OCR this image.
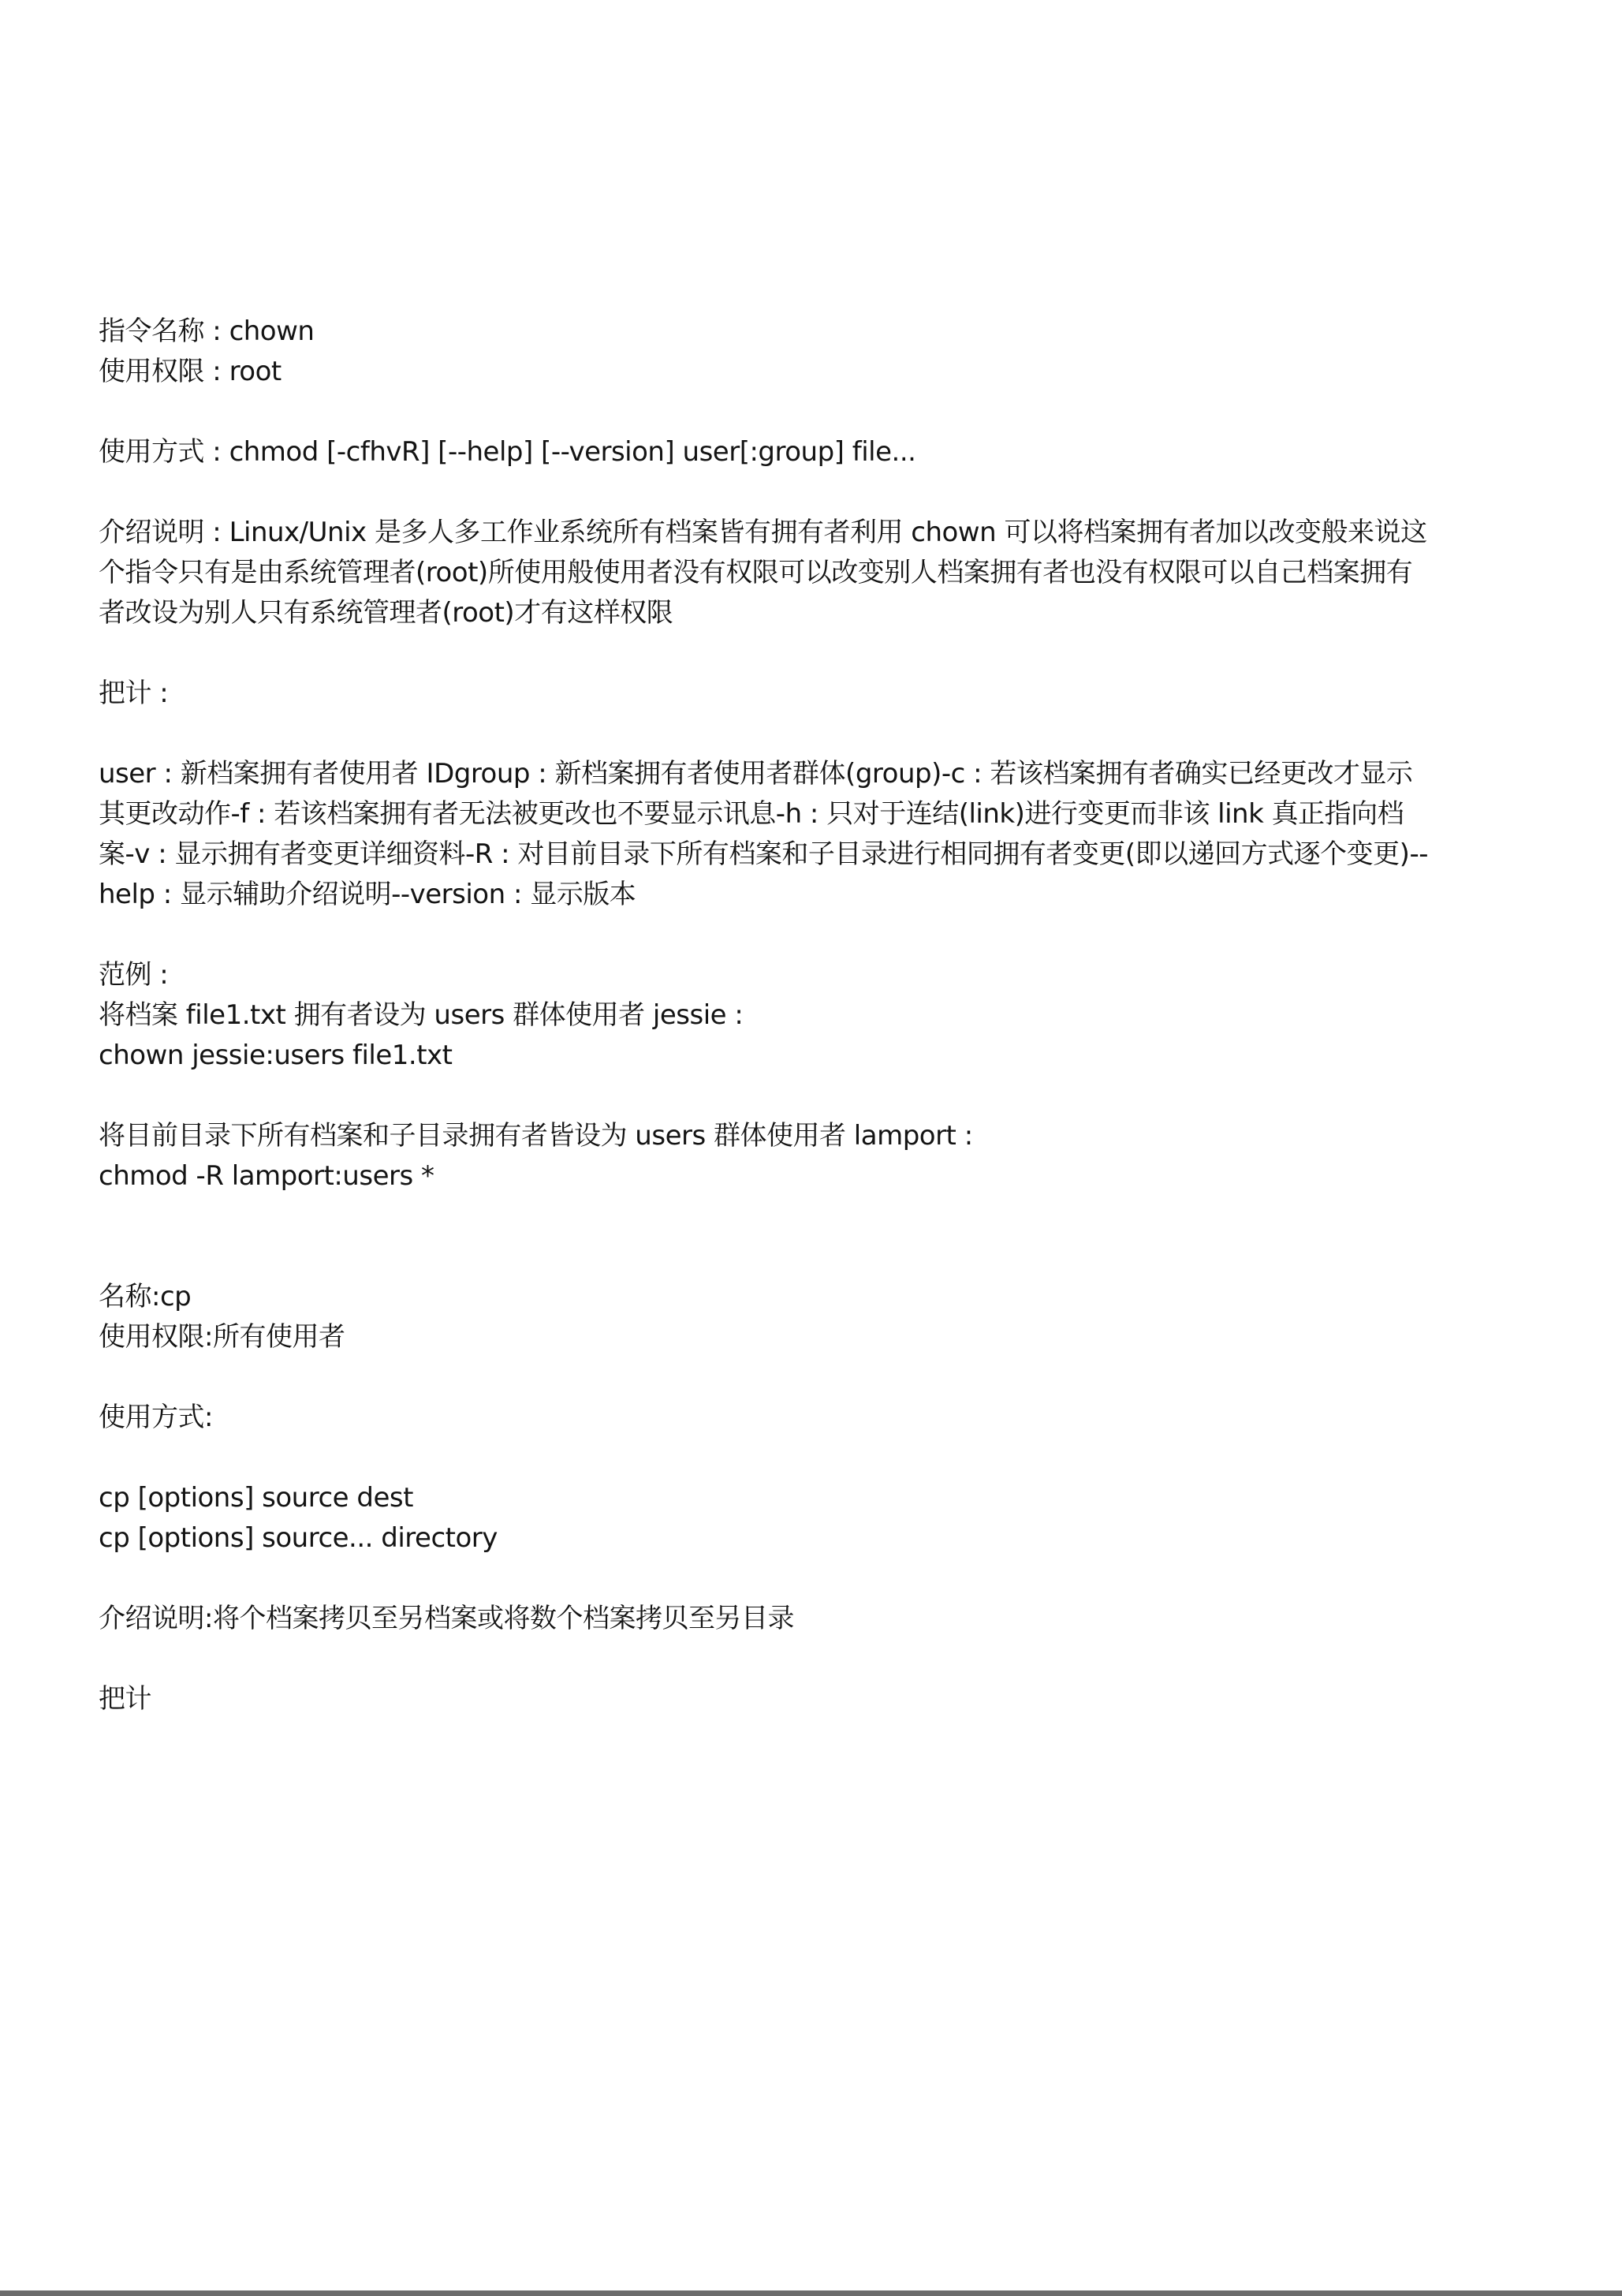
指令名称 : chown
使用权限 : root
使用方式 : chmod [-cfhvR] [--help] [--version] user[:group] file...
介绍说明 : Linux/Unix 是多人多工作业系统所有档案皆有拥有者利用 chown 可以将档案拥有者加以改变般来说这个指令只有是由系统管理者(root)所使用般使用者没有权限可以改变别人档案拥有者也没有权限可以自己档案拥有者改设为别人只有系统管理者(root)才有这样权限
把计 :
user : 新档案拥有者使用者 IDgroup : 新档案拥有者使用者群体(group)-c : 若该档案拥有者确实已经更改才显示其更改动作-f : 若该档案拥有者无法被更改也不要显示讯息-h : 只对于连结(link)进行变更而非该 link 真正指向档案-v : 显示拥有者变更详细资料-R : 对目前目录下所有档案和子目录进行相同拥有者变更(即以递回方式逐个变更)--help : 显示辅助介绍说明--version : 显示版本
范例 :
将档案 file1.txt 拥有者设为 users 群体使用者 jessie :
chown jessie:users file1.txt
将目前目录下所有档案和子目录拥有者皆设为 users 群体使用者 lamport :
chmod -R lamport:users *
名称:cp
使用权限:所有使用者
使用方式:
cp [options] source dest
cp [options] source... directory
介绍说明:将个档案拷贝至另档案或将数个档案拷贝至另目录
把计
